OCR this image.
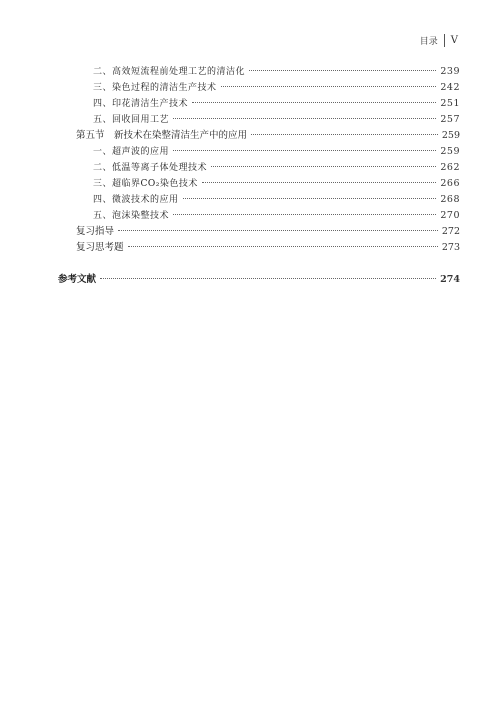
目录 V
二、高效短流程前处理工艺的清洁化	239
三、染色过程的清洁生产技术	242
四、印花清洁生产技术	251
五、回收回用工艺	257
第五节 新技术在染整清洁生产中的应用	259
一、超声波的应用	259
二、低温等离子体处理技术	262
三、超临界CO₂染色技术	266
四、微波技术的应用	268
五、泡沫染整技术	270
复习指导	272
复习思考题	273
参考文献	274
